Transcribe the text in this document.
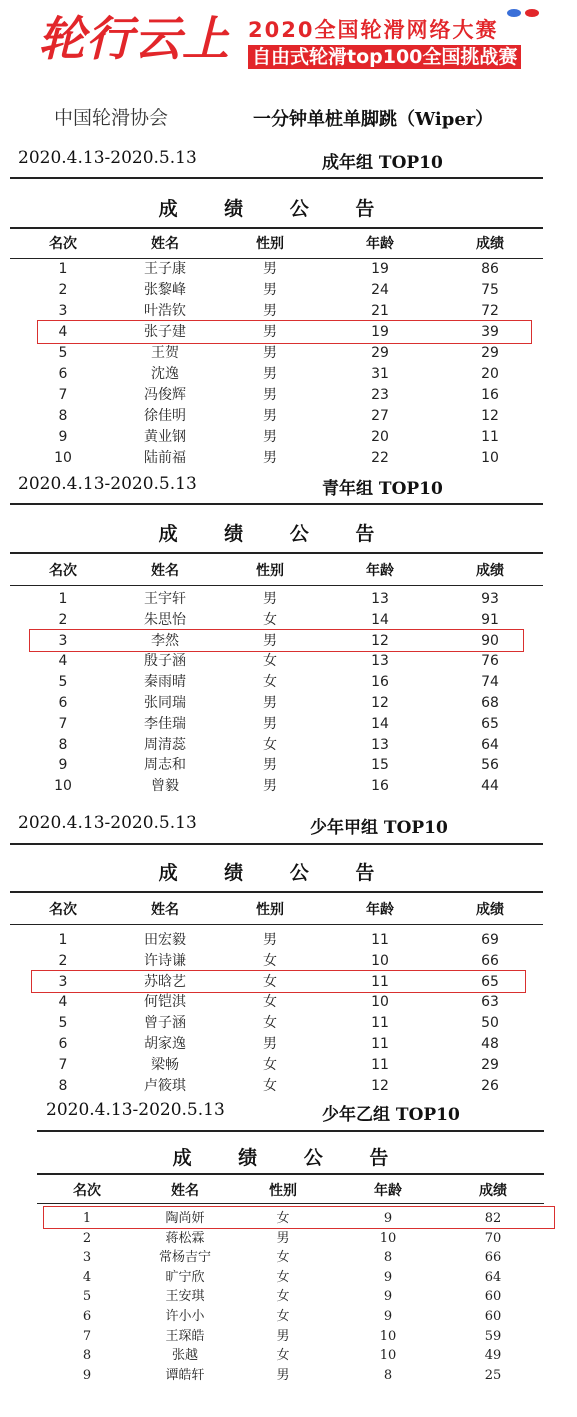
轮行云上 2020全国轮滑网络大赛
自由式轮滑top100全国挑战赛
中国轮滑协会	一分钟单桩单脚跳（Wiper）
2020.4.13-2020.5.13	成年组 TOP10
成 绩 公 告
名次	姓名	性别	年龄	成绩
1	王子康	男	19	86
2	张黎峰	男	24	75
3	叶浩钦	男	21	72
4	张子建	男	19	39
5	王贺	男	29	29
6	沈逸	男	31	20
7	冯俊辉	男	23	16
8	徐佳明	男	27	12
9	黄业钢	男	20	11
10	陆前福	男	22	10
2020.4.13-2020.5.13	青年组 TOP10
成 绩 公 告
名次	姓名	性别	年龄	成绩
1	王宇轩	男	13	93
2	朱思怡	女	14	91
3	李然	男	12	90
4	殷子涵	女	13	76
5	秦雨晴	女	16	74
6	张同瑞	男	12	68
7	李佳瑞	男	14	65
8	周清蕊	女	13	64
9	周志和	男	15	56
10	曾毅	男	16	44
2020.4.13-2020.5.13	少年甲组 TOP10
成 绩 公 告
名次	姓名	性别	年龄	成绩
1	田宏毅	男	11	69
2	许诗谦	女	10	66
3	苏晗艺	女	11	65
4	何铠淇	女	10	63
5	曾子涵	女	11	50
6	胡家逸	男	11	48
7	梁畅	女	11	29
8	卢筱琪	女	12	26
2020.4.13-2020.5.13	少年乙组 TOP10
成 绩 公 告
名次	姓名	性别	年龄	成绩
1	陶尚妍	女	9	82
2	蒋松霖	男	10	70
3	常杨吉宁	女	8	66
4	旷宁欣	女	9	64
5	王安琪	女	9	60
6	许小小	女	9	60
7	王琛皓	男	10	59
8	张越	女	10	49
9	谭皓轩	男	8	25
